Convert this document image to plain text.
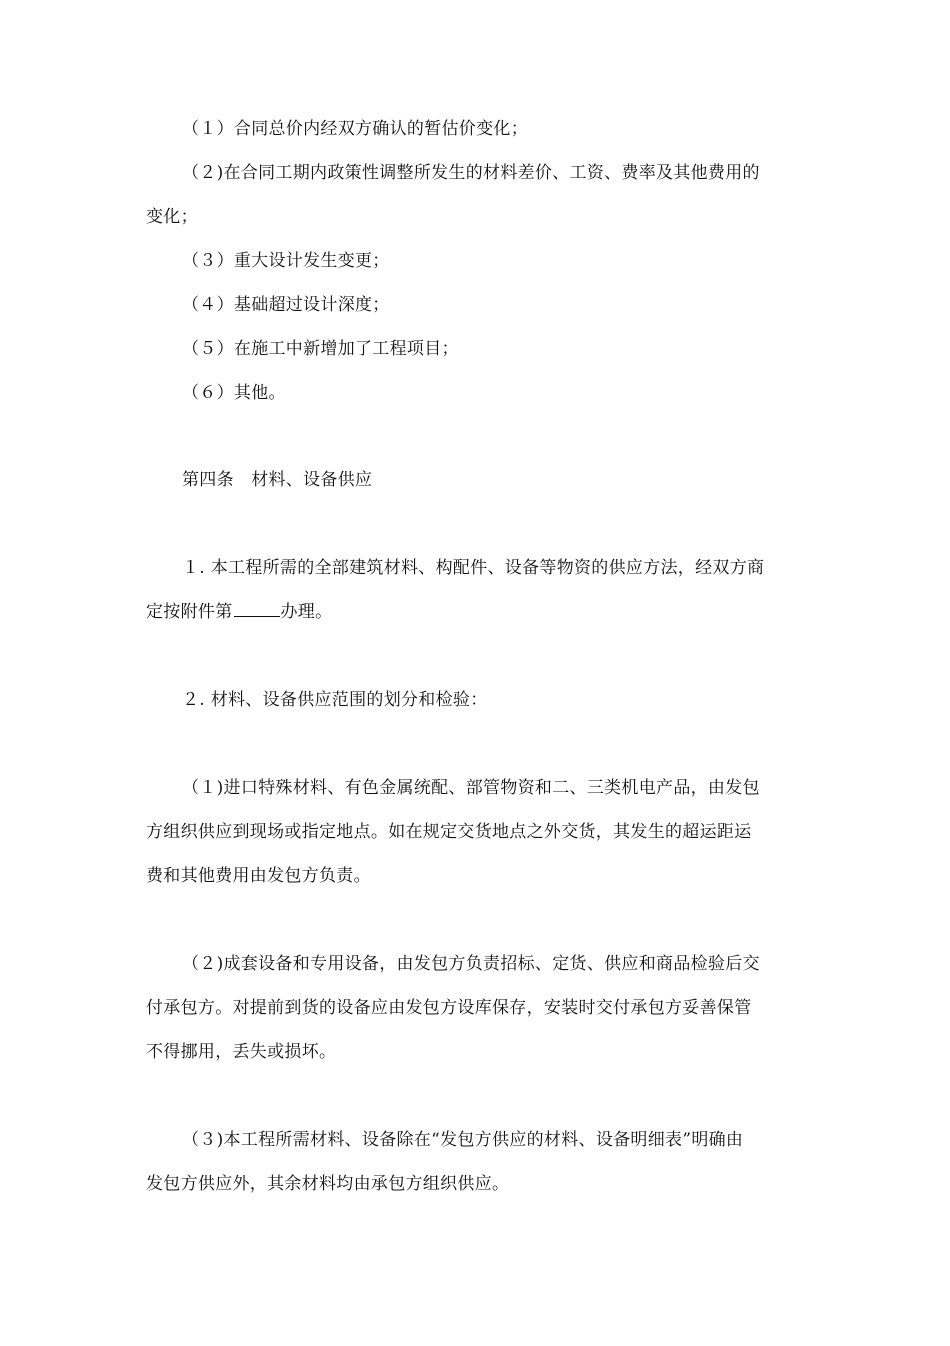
（１）合同总价内经双方确认的暂估价变化；
（２)在合同工期内政策性调整所发生的材料差价、工资、费率及其他费用的
变化；
（３）重大设计发生变更；
（４）基础超过设计深度；
（５）在施工中新增加了工程项目；
（６）其他。
第四条　材料、设备供应
１. 本工程所需的全部建筑材料、构配件、设备等物资的供应方法，经双方商
定按附件第	办理。
２. 材料、设备供应范围的划分和检验：
（１)进口特殊材料、有色金属统配、部管物资和二、三类机电产品，由发包
方组织供应到现场或指定地点。如在规定交货地点之外交货，其发生的超运距运
费和其他费用由发包方负责。
（２)成套设备和专用设备，由发包方负责招标、定货、供应和商品检验后交
付承包方。对提前到货的设备应由发包方设库保存，安装时交付承包方妥善保管
不得挪用，丢失或损坏。
（３)本工程所需材料、设备除在“发包方供应的材料、设备明细表”明确由
发包方供应外，其余材料均由承包方组织供应。
